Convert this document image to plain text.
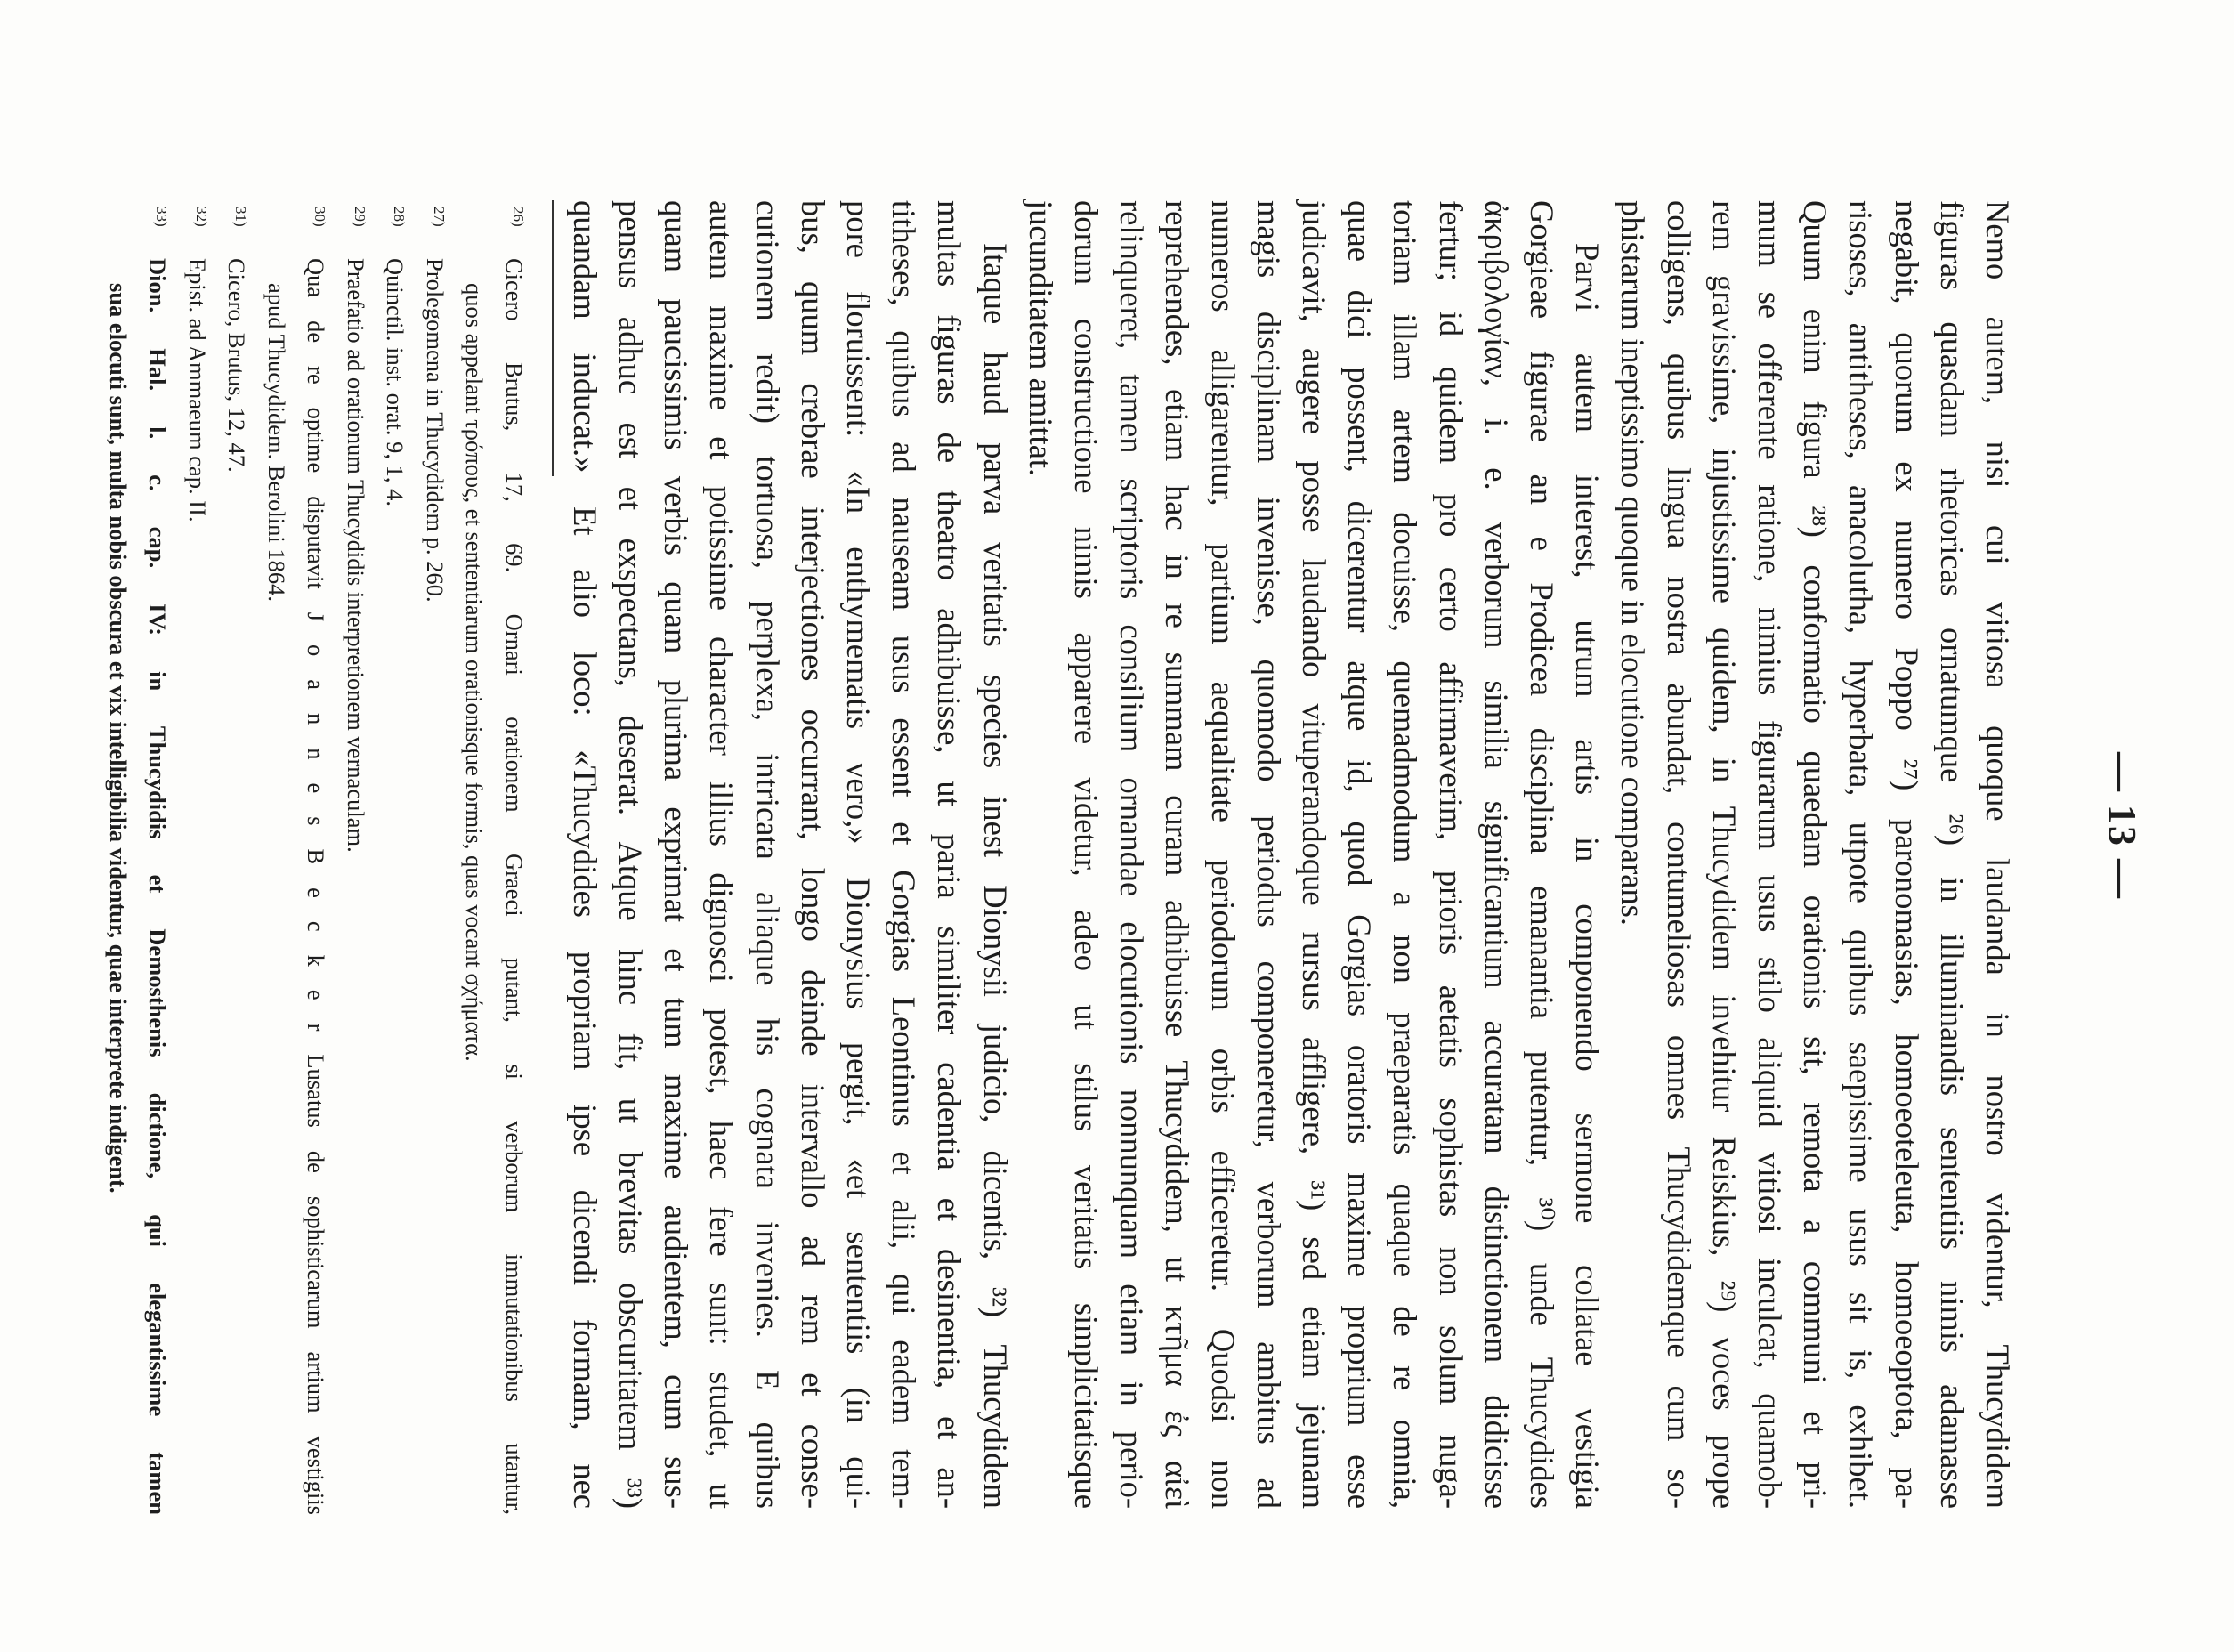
— 13 —
Nemo autem, nisi cui vitiosa quoque laudanda in nostro videntur, Thucydidem
figuras quasdam rhetoricas ornatumque ²⁶) in illuminandis sententiis nimis adamasse
negabit, quorum ex numero Poppo ²⁷) paronomasias, homoeoteleuta, homoeoptota, pa-
risoses, antitheses, anacolutha, hyperbata, utpote quibus saepissime usus sit is, exhibet.
Quum enim figura ²⁸) conformatio quaedam orationis sit, remota a communi et pri-
mum se offerente ratione, nimius figurarum usus stilo aliquid vitiosi inculcat, quamob-
rem gravissime, injustissime quidem, in Thucydidem invehitur Reiskius, ²⁹) voces prope
colligens, quibus lingua nostra abundat, contumeliosas omnes Thucydidemque cum so-
phistarum ineptissimo quoque in elocutione comparans.
Parvi autem interest, utrum artis in componendo sermone collatae vestigia
Gorgieae figurae an e Prodicea disciplina emanantia putentur, ³⁰) unde Thucydides
ἀκριβολογίαν, i. e. verborum similia significantium accuratam distinctionem didicisse
fertur; id quidem pro certo affirmaverim, prioris aetatis sophistas non solum nuga-
toriam illam artem docuisse, quemadmodum a non praeparatis quaque de re omnia,
quae dici possent, dicerentur atque id, quod Gorgias oratoris maxime proprium esse
judicavit, augere posse laudando vituperandoque rursus affligere, ³¹) sed etiam jejunam
magis disciplinam invenisse, quomodo periodus componeretur, verborum ambitus ad
numeros alligarentur, partium aequalitate periodorum orbis efficeretur. Quodsi non
reprehendes, etiam hac in re summam curam adhibuisse Thucydidem, ut κτῆμα ἐς αἰεὶ
relinqueret, tamen scriptoris consilium ornandae elocutionis nonnunquam etiam in perio-
dorum constructione nimis apparere videtur, adeo ut stilus veritatis simplicitatisque
jucunditatem amittat.
Itaque haud parva veritatis species inest Dionysii judicio, dicentis, ³²) Thucydidem
multas figuras de theatro adhibuisse, ut paria similiter cadentia et desinentia, et an-
titheses, quibus ad nauseam usus essent et Gorgias Leontinus et alii, qui eadem tem-
pore floruissent: «In enthymematis vero,» Dionysius pergit, «et sententiis (in qui-
bus, quum crebrae interjectiones occurrant, longo deinde intervallo ad rem et conse-
cutionem redit) tortuosa, perplexa, intricata aliaque his cognata invenies. E quibus
autem maxime et potissime character illius dignosci potest, haec fere sunt: studet, ut
quam paucissimis verbis quam plurima exprimat et tum maxime audientem, cum sus-
pensus adhuc est et exspectans, deserat. Atque hinc fit, ut brevitas obscuritatem ³³)
quandam inducat.» Et alio loco: «Thucydides propriam ipse dicendi formam, nec
26)
Cicero Brutus, 17, 69. Ornari orationem Graeci putant, si verborum immutationibus utantur,
quos appelant τρόπους, et sententiarum orationisque formis, quas vocant σχήματα.
27)
Prolegomena in Thucydidem p. 260.
28)
Quinctil. inst. orat. 9, 1, 4.
29)
Praefatio ad orationum Thucydidis interpretionem vernaculam.
30)
Qua de re optime disputavit J o a n n e s B e c k e r Lusatus de sophisticarum artium vestigiis
apud Thucydidem. Berolini 1864.
31)
Cicero, Brutus, 12, 47.
32)
Epist. ad Ammaeum cap. II.
33)
Dion. Hal. l. c. cap. IV: in Thucydidis et Demosthenis dictione, qui elegantissime tamen
sua elocuti sunt, multa nobis obscura et vix intelligibilia videntur, quae interprete indigent.
